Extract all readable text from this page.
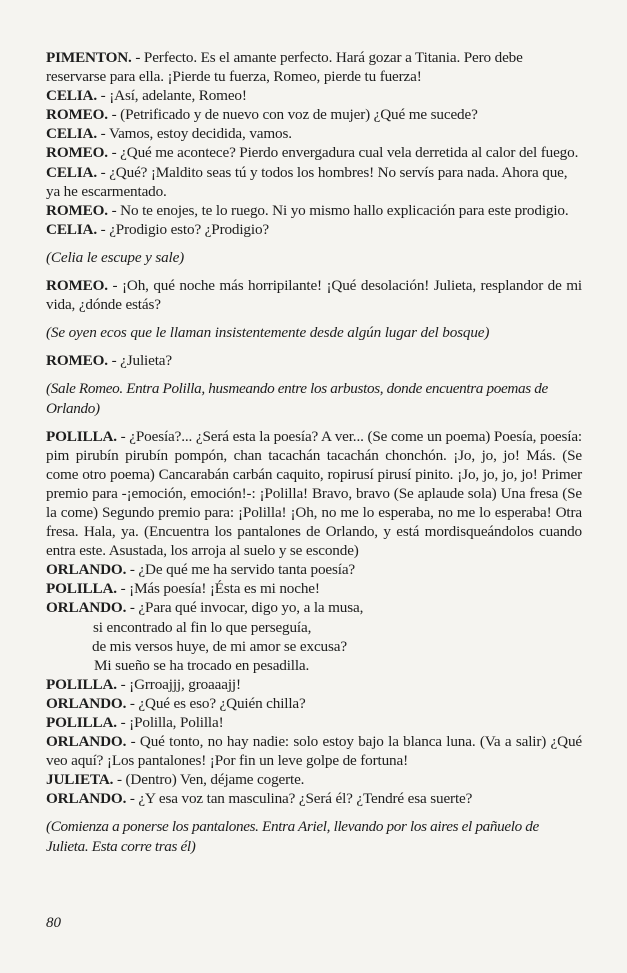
PIMENTON. - Perfecto. Es el amante perfecto. Hará gozar a Titania. Pero debe reservarse para ella. ¡Pierde tu fuerza, Romeo, pierde tu fuerza!

CELIA. - ¡Así, adelante, Romeo!

ROMEO. - (Petrificado y de nuevo con voz de mujer) ¿Qué me sucede?

CELIA. - Vamos, estoy decidida, vamos.

ROMEO. - ¿Qué me acontece? Pierdo envergadura cual vela derretida al calor del fuego.

CELIA. - ¿Qué? ¡Maldito seas tú y todos los hombres! No servís para nada. Ahora que, ya he escarmentado.

ROMEO. - No te enojes, te lo ruego. Ni yo mismo hallo explicación para este prodigio.

CELIA. - ¿Prodigio esto? ¿Prodigio?

(Celia le escupe y sale)

ROMEO. - ¡Oh, qué noche más horripilante! ¡Qué desolación! Julieta, resplandor de mi vida, ¿dónde estás?

(Se oyen ecos que le llaman insistentemente desde algún lugar del bosque)

ROMEO. - ¿Julieta?

(Sale Romeo. Entra Polilla, husmeando entre los arbustos, donde encuentra poemas de Orlando)

POLILLA. - ¿Poesía?... ¿Será esta la poesía? A ver... (Se come un poema) Poesía, poesía: pim pirubín pirubín pompón, chan tacachán tacachán chonchón. ¡Jo, jo, jo! Más. (Se come otro poema) Cancarabán carbán caquito, ropirusí pirusí pinito. ¡Jo, jo, jo, jo! Primer premio para -¡emoción, emoción!-: ¡Polilla! Bravo, bravo (Se aplaude sola) Una fresa (Se la come) Segundo premio para: ¡Polilla! ¡Oh, no me lo esperaba, no me lo esperaba! Otra fresa. Hala, ya. (Encuentra los pantalones de Orlando, y está mordisqueándolos cuando entra este. Asustada, los arroja al suelo y se esconde)

ORLANDO. - ¿De qué me ha servido tanta poesía?

POLILLA. - ¡Más poesía! ¡Ésta es mi noche!

ORLANDO. - ¿Para qué invocar, digo yo, a la musa,

si encontrado al fin lo que perseguía,

de mis versos huye, de mi amor se excusa?

Mi sueño se ha trocado en pesadilla.

POLILLA. - ¡Grroajjj, groaaajj!

ORLANDO. - ¿Qué es eso? ¿Quién chilla?

POLILLA. - ¡Polilla, Polilla!

ORLANDO. - Qué tonto, no hay nadie: solo estoy bajo la blanca luna. (Va a salir) ¿Qué veo aquí? ¡Los pantalones! ¡Por fin un leve golpe de fortuna!

JULIETA. - (Dentro) Ven, déjame cogerte.

ORLANDO. - ¿Y esa voz tan masculina? ¿Será él? ¿Tendré esa suerte?

(Comienza a ponerse los pantalones. Entra Ariel, llevando por los aires el pañuelo de Julieta. Esta corre tras él)

80
